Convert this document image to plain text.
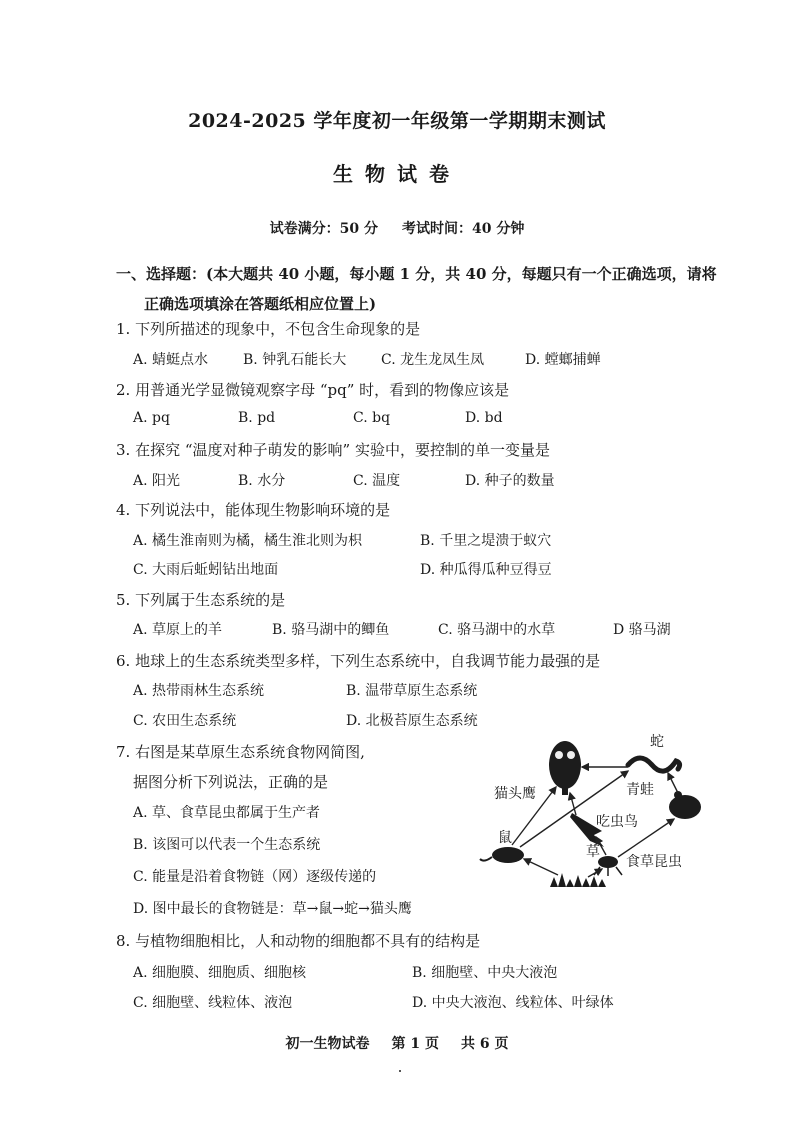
2024-2025 学年度初一年级第一学期期末测试
生物试卷
试卷满分：50 分 考试时间：40 分钟
一、选择题：(本大题共 40 小题，每小题 1 分，共 40 分，每题只有一个正确选项，请将
正确选项填涂在答题纸相应位置上)
1. 下列所描述的现象中，不包含生命现象的是
A. 蜻蜓点水 B. 钟乳石能长大 C. 龙生龙凤生凤	D. 螳螂捕蝉
2. 用普通光学显微镜观察字母 “pq” 时，看到的物像应该是
A. pq	B. pd	C. bq	D. bd
3. 在探究 “温度对种子萌发的影响” 实验中，要控制的单一变量是
A. 阳光	B. 水分	C. 温度	D. 种子的数量
4. 下列说法中，能体现生物影响环境的是
A. 橘生淮南则为橘，橘生淮北则为枳	B. 千里之堤溃于蚁穴
C. 大雨后蚯蚓钻出地面	D. 种瓜得瓜种豆得豆
5. 下列属于生态系统的是
A. 草原上的羊	B. 骆马湖中的鲫鱼	C. 骆马湖中的水草	D 骆马湖
6. 地球上的生态系统类型多样，下列生态系统中，自我调节能力最强的是
A. 热带雨林生态系统	B. 温带草原生态系统
C. 农田生态系统	D. 北极苔原生态系统
7. 右图是某草原生态系统食物网简图,
据图分析下列说法，正确的是
A. 草、食草昆虫都属于生产者
B. 该图可以代表一个生态系统
C. 能量是沿着食物链（网）逐级传递的
D. 图中最长的食物链是：草→鼠→蛇→猫头鹰
蛇
青蛙
猫头鹰
吃虫鸟
鼠
草
食草昆虫
8. 与植物细胞相比，人和动物的细胞都不具有的结构是
A. 细胞膜、细胞质、细胞核	B. 细胞壁、中央大液泡
C. 细胞壁、线粒体、液泡	D. 中央大液泡、线粒体、叶绿体
初一生物试卷 第 1 页 共 6 页
